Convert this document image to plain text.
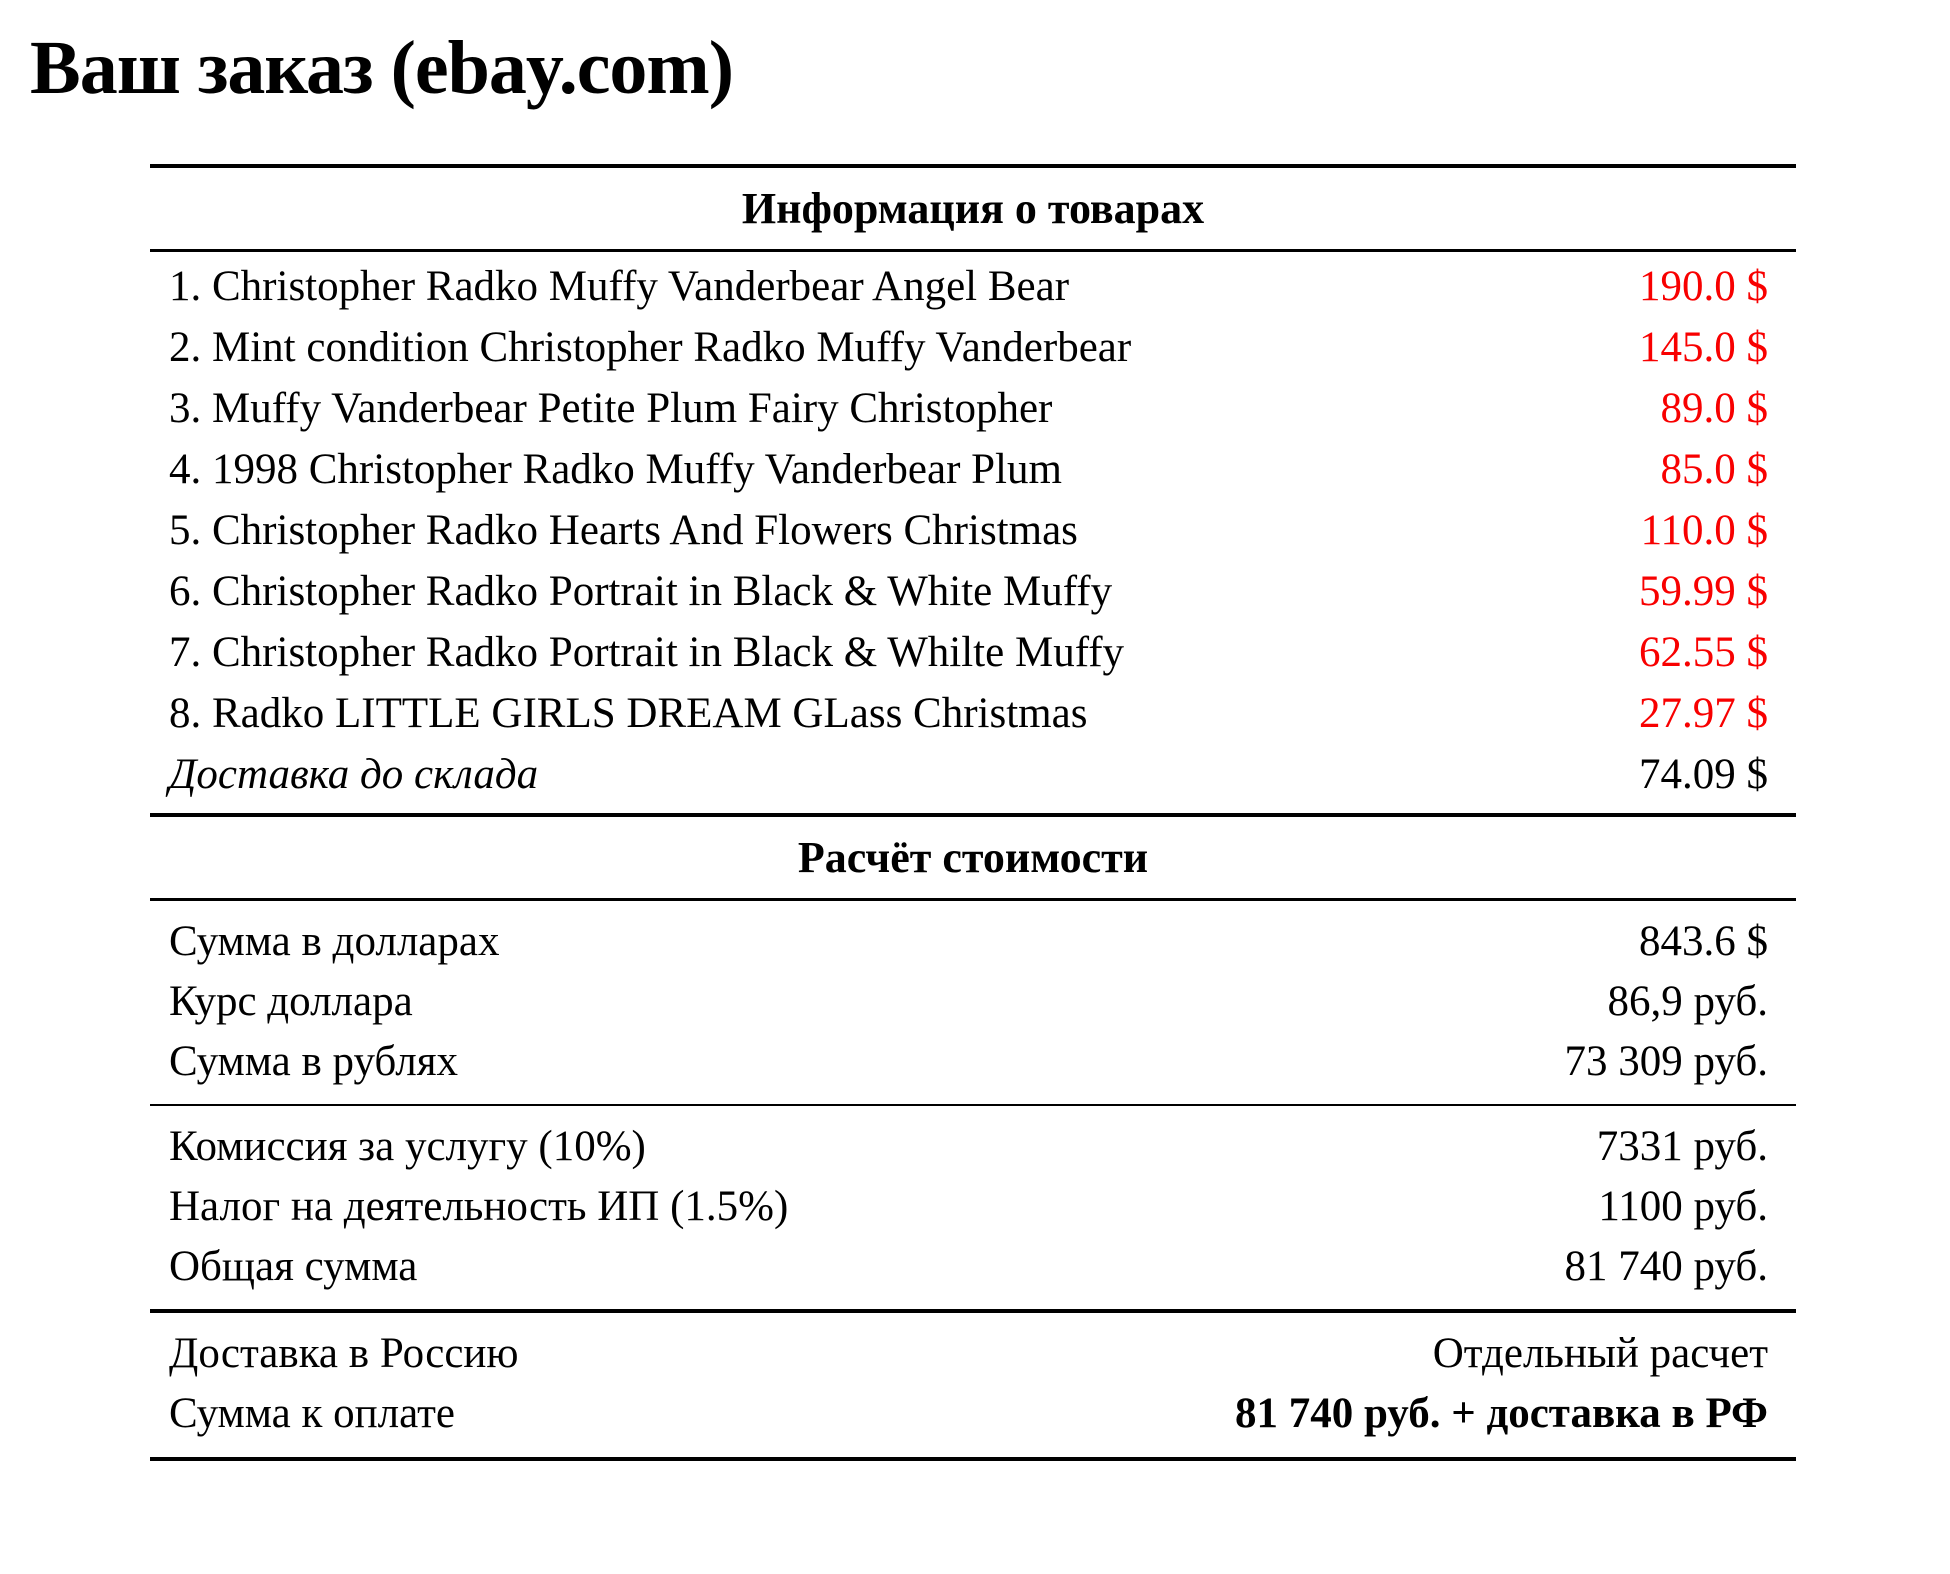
Ваш заказ (ebay.com)
Информация о товарах
1. Christopher Radko Muffy Vanderbear Angel Bear	190.0 $
2. Mint condition Christopher Radko Muffy Vanderbear	145.0 $
3. Muffy Vanderbear Petite Plum Fairy Christopher	89.0 $
4. 1998 Christopher Radko Muffy Vanderbear Plum	85.0 $
5. Christopher Radko Hearts And Flowers Christmas	110.0 $
6. Christopher Radko Portrait in Black & White Muffy	59.99 $
7. Christopher Radko Portrait in Black & Whilte Muffy	62.55 $
8. Radko LITTLE GIRLS DREAM GLass Christmas	27.97 $
Доставка до склада	74.09 $
Расчёт стоимости
Сумма в долларах	843.6 $
Курс доллара	86,9 руб.
Сумма в рублях	73 309 руб.
Комиссия за услугу (10%)	7331 руб.
Налог на деятельность ИП (1.5%)	1100 руб.
Общая сумма	81 740 руб.
Доставка в Россию	Отдельный расчет
Сумма к оплате	81 740 руб. + доставка в РФ
